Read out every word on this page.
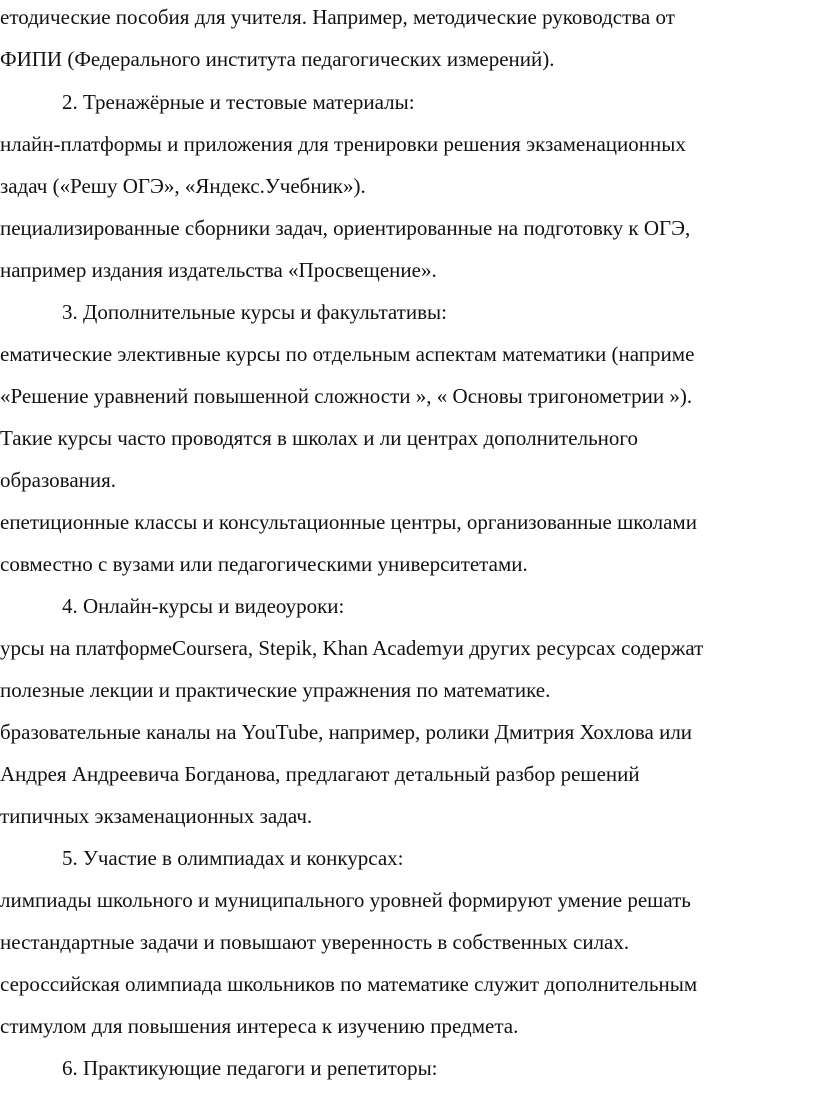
етодические пособия для учителя. Например, методические руководства от
ФИПИ (Федерального института педагогических измерений).
2. Тренажёрные и тестовые материалы:
нлайн-платформы и приложения для тренировки решения экзаменационных
задач («Решу ОГЭ», «Яндекс.Учебник»).
пециализированные сборники задач, ориентированные на подготовку к ОГЭ,
например издания издательства «Просвещение».
3. Дополнительные курсы и факультативы:
ематические элективные курсы по отдельным аспектам математики (наприме
«Решение уравнений повышенной сложности », « Основы тригонометрии »).
Такие курсы часто проводятся в школах и ли центрах дополнительного
образования.
епетиционные классы и консультационные центры, организованные школами
совместно с вузами или педагогическими университетами.
4. Онлайн-курсы и видеоуроки:
урсы на платформеCoursera, Stepik, Khan Academyи других ресурсах содержат
полезные лекции и практические упражнения по математике.
бразовательные каналы на YouTube, например, ролики Дмитрия Хохлова или
Андрея Андреевича Богданова, предлагают детальный разбор решений
типичных экзаменационных задач.
5. Участие в олимпиадах и конкурсах:
лимпиады школьного и муниципального уровней формируют умение решать
нестандартные задачи и повышают уверенность в собственных силах.
сероссийская олимпиада школьников по математике служит дополнительным
стимулом для повышения интереса к изучению предмета.
6. Практикующие педагоги и репетиторы:
